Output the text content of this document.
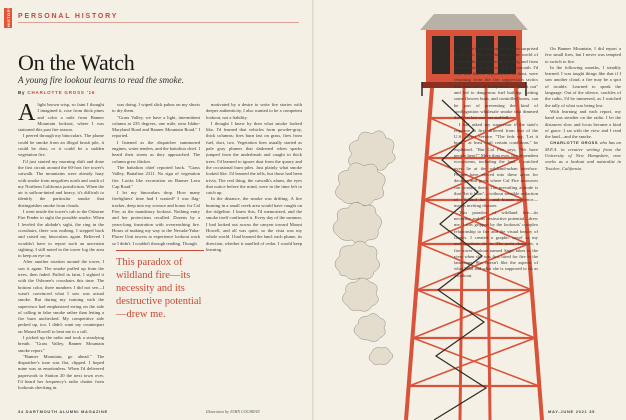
HISTORY PERSONAL HISTORY
On the Watch
A young fire lookout learns to read the smoke.
By CHARLOTTE GROSS '16
A light brown wisp, so faint I thought I imagined it, rose from thick pines and color a mile from Banner Mountain lookout, where I was stationed this past fire season.

I peered through my binoculars. The plume could be smoke from an illegal brush pile, it could be dust, or it could be a sudden vegetation fire.

I'd just started my morning shift and done the first circuit around the 60-foot fire tower's catwalk. The mountains were already hazy with smoke from megafires north and south of my Northern California jurisdiction. When the air is saffron-tinted and heavy, it's difficult to identify the particular smoke that distinguishes smoke from clouds.

I went inside the tower's cab to the Osborne Fire Finder to sight the possible smoke. When I leveled the alidade's sight, the ring in the crosshairs, there was nothing. I stepped back and raised my binoculars again. Believed I wouldn't have to report such an uncertain sighting. I still noted in the tower log the area to keep an eye on.

After another rotation around the tower, I saw it again. The smoke puffed up from the trees, then faded. Puffed in faint, I sighted it with the Osborne's crosshairs this time. The bottom color, three numbers I did not see—I wasn't convinced what I saw was actual smoke. But during my training with the supervisor had emphasized erring on the side of calling in false smoke rather than letting a fire burn unchecked. My competitive side perked up, too. I didn't want my counterpart on Mount Howell to beat me to a call.

I picked up the radio and took a steadying breath. "Grass Valley, Banner Mountain smoke report."

"Banner Mountain, go ahead." The dispatcher's tone was flat, clipped. I hoped mine was as emotionless. When I'd delivered paperwork to Station 20 the next town over, I'd heard her frequency's radio chatter from lookouts checking in.

was doing. I wiped slick palms on my shorts to dry them.

"Grass Valley, we have a light, intermittent column at 235 degrees, one mile, near Idaho-Maryland Road and Banner Mountain Road," I reported.

I listened as the dispatcher summoned engines, water tenders, and the battalion chief. I heard their sirens as they approached. The column grew thicker.

The battalion chief reported back. "Grass Valley, Battalion 2311. No sign of vegetation fire. Looks like excavation on Banner Lava Cap Road."

I let my binoculars drop. How many firefighters' time had I wasted? I was flag-tracker, deep into my science and honor for Cal Fire, as the mandatory lookout. Nothing entry and her protections recalled. Dozens by a years-long frustration with overreaching fire. Hours of making my way to the Nevada-Yuba-Placer Unit towers to experience lookout work so I didn't. I couldn't through reading. Though

This paradox of wildland fire—its necessity and its destructive potential—drew me.

motivated by a desire to write fire stories with deeper authenticity, I also wanted to be a competent lookout, not a liability.

I thought I knew by then what smoke looked like. I'd learned that vehicles form powder-gray, thick columns; fires burn fast on grass, fires from fuel, duct, two. Vegetation fires usually started as pale gray plumes that darkened when sparks jumped from the underbrush and caught in thick trees. I'd learned to ignore dust from the quarry and the occasional burn piles. Just plainly what smoke looked like. I'd learned the tells, but those had been trivia. The real thing, the catwalk's alarm, the eyes that notice before the mind, were in the time left to catch up.

In the distance, the smoke was drifting. A fire burning in a small creek area would have caught on the ridgeline. I knew this, I'd memorized, and the smoke itself confirmed it. Every day of the summer, I had looked out across the canyon toward Mount Howell, and all was quiet, so the vista was my whole world. I had learned the land: each plume, its direction, whether it smelled of cedar. I would keep learning.

34 DARTMOUTH ALUMNI MAGAZINE	Illustration by JOHN COCHRAN

Cal Fire's zero tolerance for fires surprised me at first. My introduction to the world of wildland fire came through reading and from new trainees at the station in Dartmouth. I'd read that federal departments, at least, were returning from the fire suppression tactics that have altered ecosystems of "put it out" and led to dangerous fuel buildup. Letting some flowers burn, and controlled burns, can be part of preventing the kind of conflagration wholesale smoke that dimmed the West last summer and fall.

I had asked my supervisor if the state's response to fires differed from that of the U.S. Forest Service. "The feds say, 'Let it burn,'" at least until certain conditions," he explained. "But Cal Fire says, 'We have people here!'" More than ever, fire-dependent ecosystems, including the land I watched over, lie at the wildland-urban interface. People have moved into these areas for decades and grow where Cal Fire resources can contain them. The prevailing attitude is that "let it burn"—without sensible reduction of wildland fuels, and human presence—means inviting disaster.

This paradox of wildland fire—its necessity and its destructive potential—drew me. I was gripped by the lookouts' complex relationship to fire and the visual beauty of flames. I created a graphic novel as my undergraduate thesis. The main character, a fire tower lookout named Sage, takes in the view when she was first hired for fire in the landscape. She doesn't like the aspects of what I did and what she is supposed to do as a lookout.

On Banner Mountain, I did report a few small fires, but I never was tempted to switch to fire.

In the following months, I steadily learned. I was taught things like that if I saw another cloud, a fire may be a spot of trouble. Learned to speak the language. Out of the silence, crackles of the radio, I'd be immersed, as I watched the tally of what was being lost.

With learning and each report, my hand was steadier on the radio. I let the distances slow and focus became a kind of grace. I sat with the view and I read the land—and the smoke.

CHARLOTTE GROSS who has an M.F.A. in creative writing from the University of New Hampshire, now works as a lookout and naturalist in Truckee, California.

MAY-JUNE 2021 35
